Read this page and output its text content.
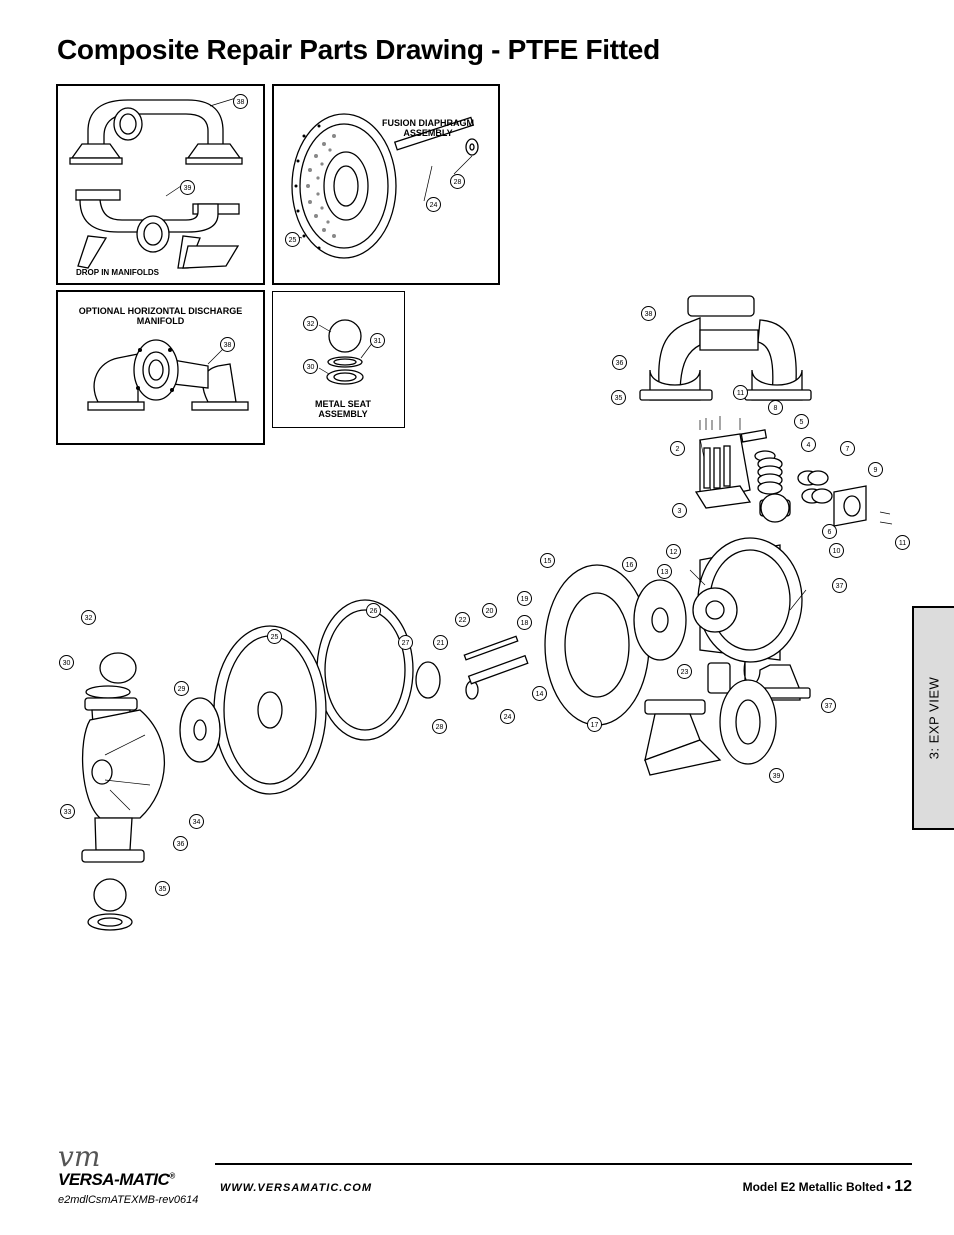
Composite Repair Parts Drawing - PTFE Fitted
38
39
DROP IN MANIFOLDS
FUSION DIAPHRAGM ASSEMBLY
28
24
25
OPTIONAL HORIZONTAL DISCHARGE MANIFOLD
38
32
31
30
METAL SEAT ASSEMBLY
38
36
35
11
8
5
2
4
7
3
9
6
11
10
12
15
16
13
37
23
37
39
19
20
22	18
21
27
14
17
26
28
24
25
32
30
29
33
34
36
35
3: EXP VIEW
vm
VERSA-MATIC®
e2mdlCsmATEXMB-rev0614
WWW.VERSAMATIC.COM	Model E2 Metallic Bolted • 12
